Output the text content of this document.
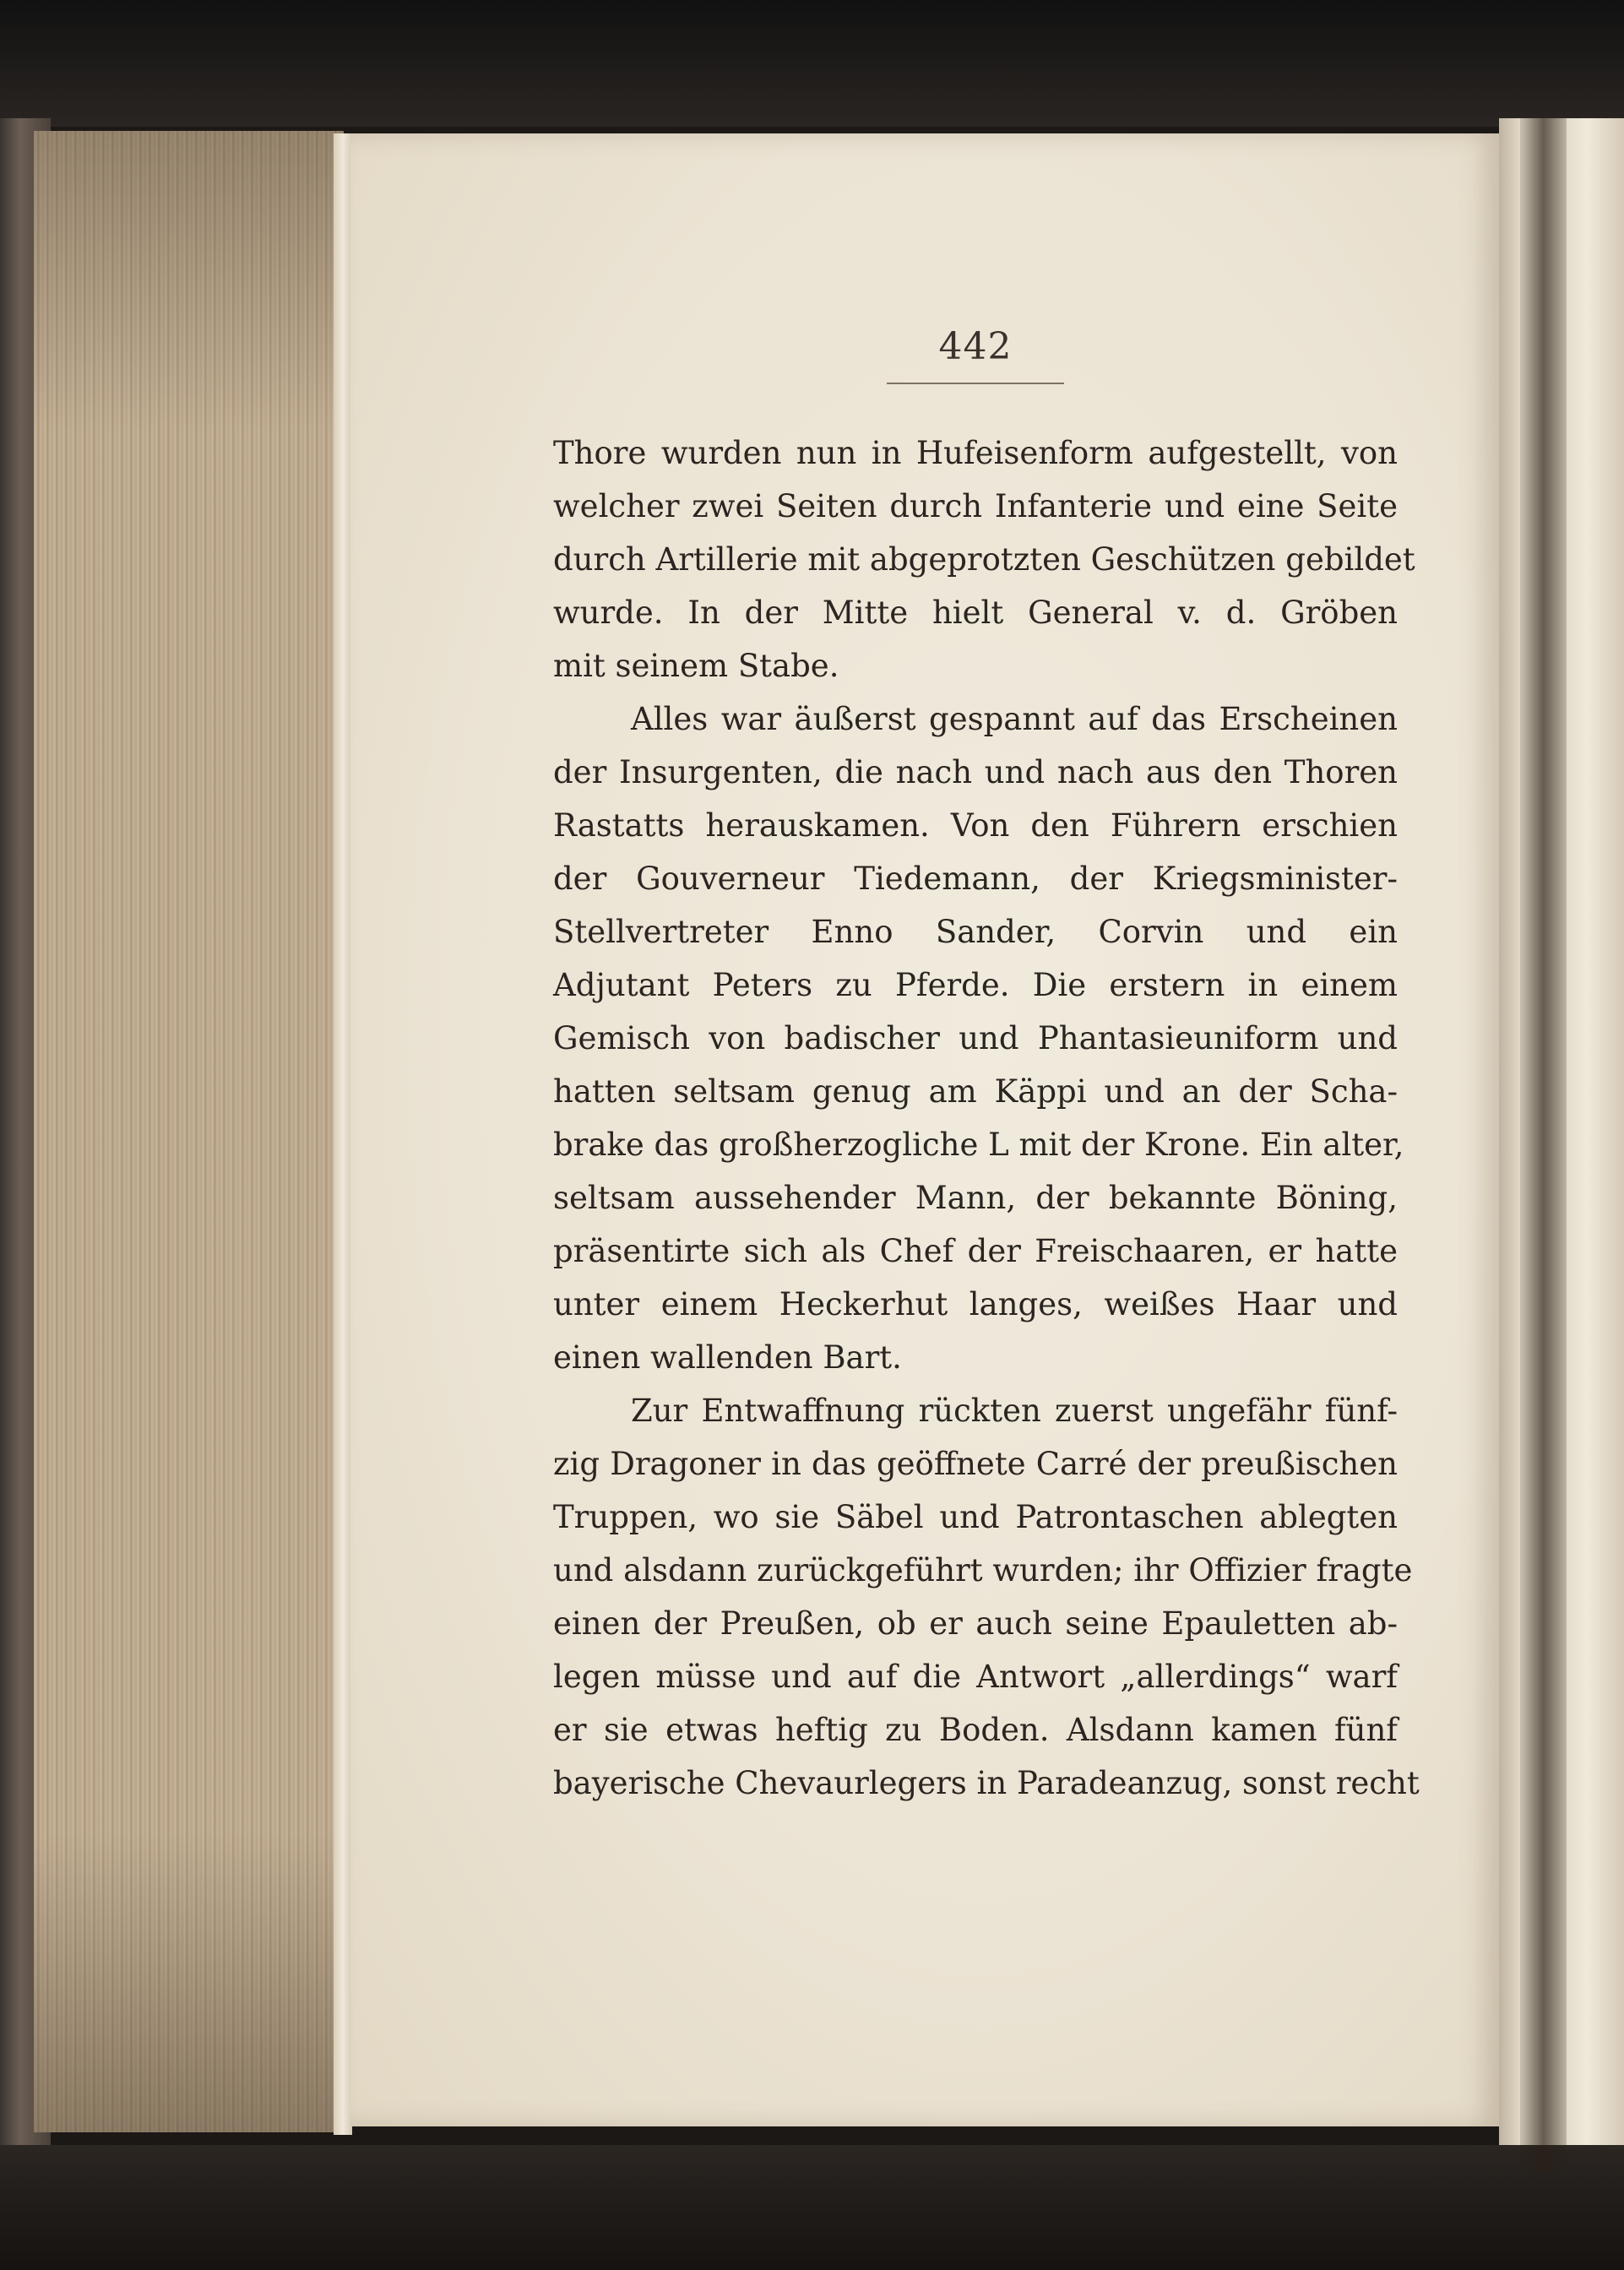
442
Thore wurden nun in Hufeisenform aufgestellt, von
welcher zwei Seiten durch Infanterie und eine Seite
durch Artillerie mit abgeprotzten Geschützen gebildet
wurde. In der Mitte hielt General v. d. Gröben
mit seinem Stabe.
Alles war äußerst gespannt auf das Erscheinen
der Insurgenten, die nach und nach aus den Thoren
Rastatts herauskamen. Von den Führern erschien
der Gouverneur Tiedemann, der Kriegsminister-
Stellvertreter Enno Sander, Corvin und ein
Adjutant Peters zu Pferde. Die erstern in einem
Gemisch von badischer und Phantasieuniform und
hatten seltsam genug am Käppi und an der Scha-
brake das großherzogliche L mit der Krone. Ein alter,
seltsam aussehender Mann, der bekannte Böning,
präsentirte sich als Chef der Freischaaren, er hatte
unter einem Heckerhut langes, weißes Haar und
einen wallenden Bart.
Zur Entwaffnung rückten zuerst ungefähr fünf-
zig Dragoner in das geöffnete Carré der preußischen
Truppen, wo sie Säbel und Patrontaschen ablegten
und alsdann zurückgeführt wurden; ihr Offizier fragte
einen der Preußen, ob er auch seine Epauletten ab-
legen müsse und auf die Antwort „allerdings“ warf
er sie etwas heftig zu Boden. Alsdann kamen fünf
bayerische Chevaurlegers in Paradeanzug, sonst recht
